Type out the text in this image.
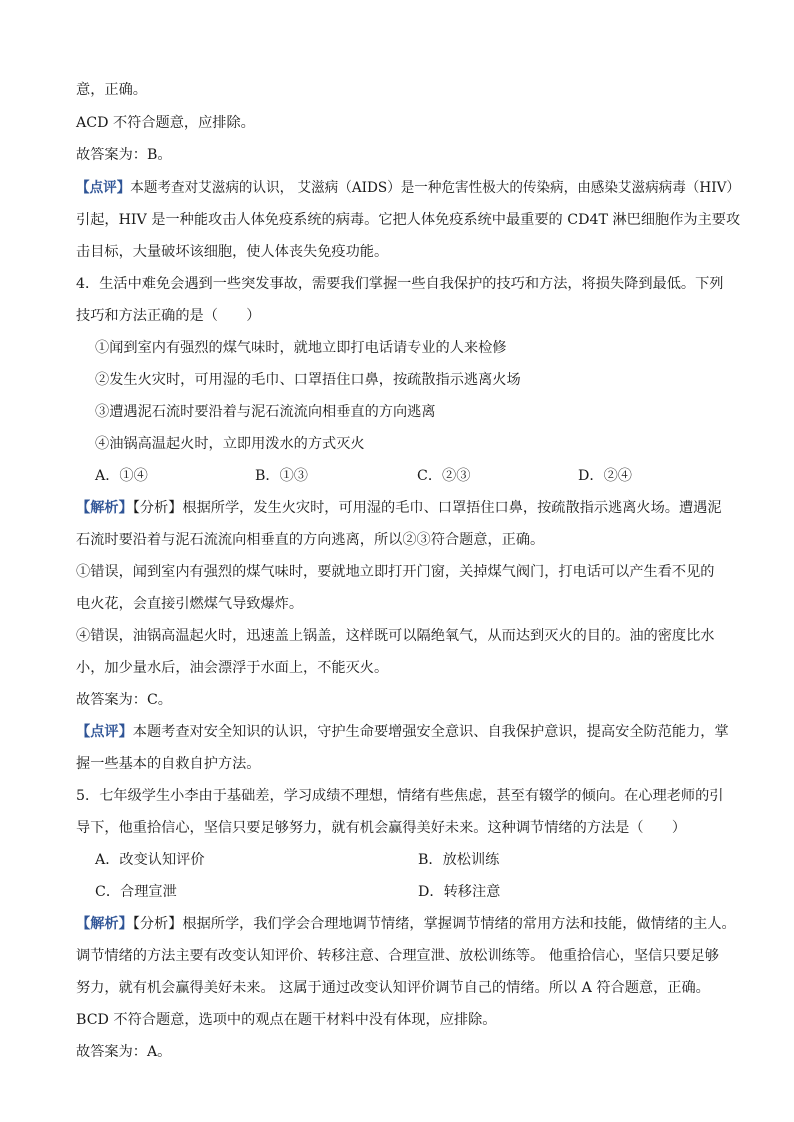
意，正确。
ACD 不符合题意，应排除。
故答案为：B。
【点评】本题考查对艾滋病的认识， 艾滋病（AIDS）是一种危害性极大的传染病，由感染艾滋病病毒（HIV）
引起，HIV 是一种能攻击人体免疫系统的病毒。它把人体免疫系统中最重要的 CD4T 淋巴细胞作为主要攻
击目标，大量破坏该细胞，使人体丧失免疫功能。
4．生活中难免会遇到一些突发事故，需要我们掌握一些自我保护的技巧和方法，将损失降到最低。下列
技巧和方法正确的是（　　）
①闻到室内有强烈的煤气味时，就地立即打电话请专业的人来检修
②发生火灾时，可用湿的毛巾、口罩捂住口鼻，按疏散指示逃离火场
③遭遇泥石流时要沿着与泥石流流向相垂直的方向逃离
④油锅高温起火时，立即用泼水的方式灭火
A．①④	B．①③	C．②③	D．②④
【解析】【分析】根据所学，发生火灾时，可用湿的毛巾、口罩捂住口鼻，按疏散指示逃离火场。遭遇泥
石流时要沿着与泥石流流向相垂直的方向逃离，所以②③符合题意，正确。
①错误，闻到室内有强烈的煤气味时，要就地立即打开门窗，关掉煤气阀门，打电话可以产生看不见的
电火花，会直接引燃煤气导致爆炸。
④错误，油锅高温起火时，迅速盖上锅盖，这样既可以隔绝氧气，从而达到灭火的目的。油的密度比水
小，加少量水后，油会漂浮于水面上，不能灭火。
故答案为：C。
【点评】本题考查对安全知识的认识，守护生命要增强安全意识、自我保护意识，提高安全防范能力，掌
握一些基本的自救自护方法。
5．七年级学生小李由于基础差，学习成绩不理想，情绪有些焦虑，甚至有辍学的倾向。在心理老师的引
导下，他重拾信心，坚信只要足够努力，就有机会赢得美好未来。这种调节情绪的方法是（　　）
A．改变认知评价	B．放松训练
C．合理宣泄	D．转移注意
【解析】【分析】根据所学，我们学会合理地调节情绪，掌握调节情绪的常用方法和技能，做情绪的主人。
调节情绪的方法主要有改变认知评价、转移注意、合理宣泄、放松训练等。 他重拾信心，坚信只要足够
努力，就有机会赢得美好未来。 这属于通过改变认知评价调节自己的情绪。所以 A 符合题意，正确。
BCD 不符合题意，选项中的观点在题干材料中没有体现，应排除。
故答案为：A。
